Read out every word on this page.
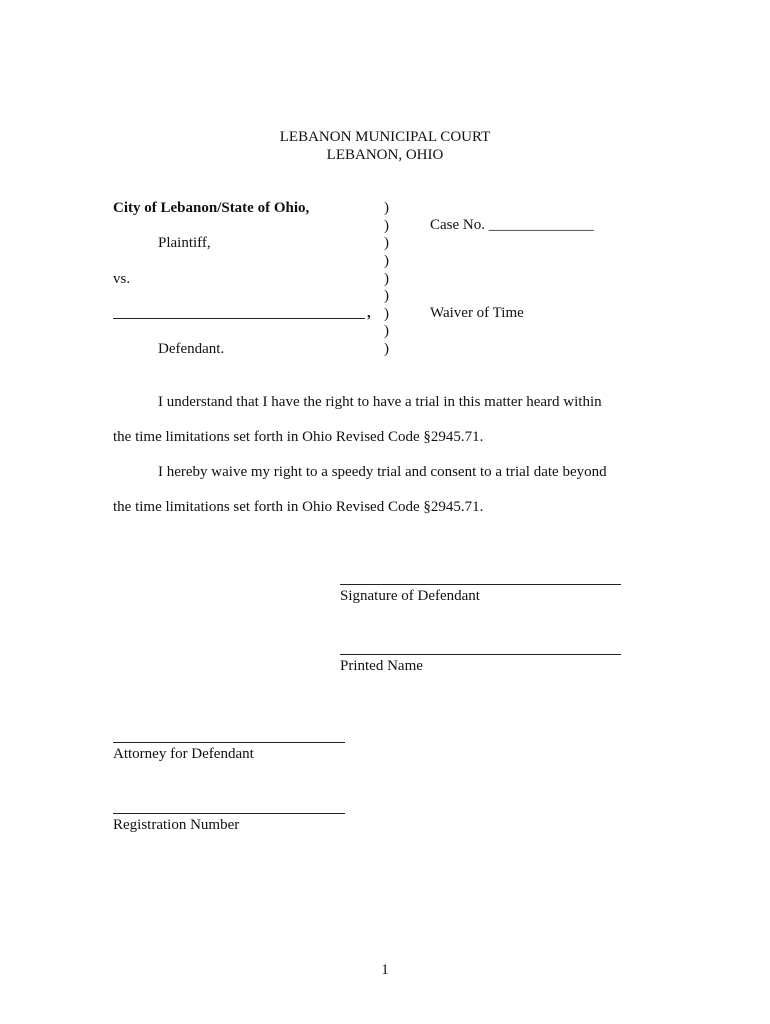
LEBANON MUNICIPAL COURT
LEBANON, OHIO
City of Lebanon/State of Ohio,
Plaintiff,
vs.
,
Defendant.
)
)
)
)
)
)
)
)
)
Case No. ______________
Waiver of Time
I understand that I have the right to have a trial in this matter heard within
the time limitations set forth in Ohio Revised Code §2945.71.
I hereby waive my right to a speedy trial and consent to a trial date beyond
the time limitations set forth in Ohio Revised Code §2945.71.
Signature of Defendant
Printed Name
Attorney for Defendant
Registration Number
1
